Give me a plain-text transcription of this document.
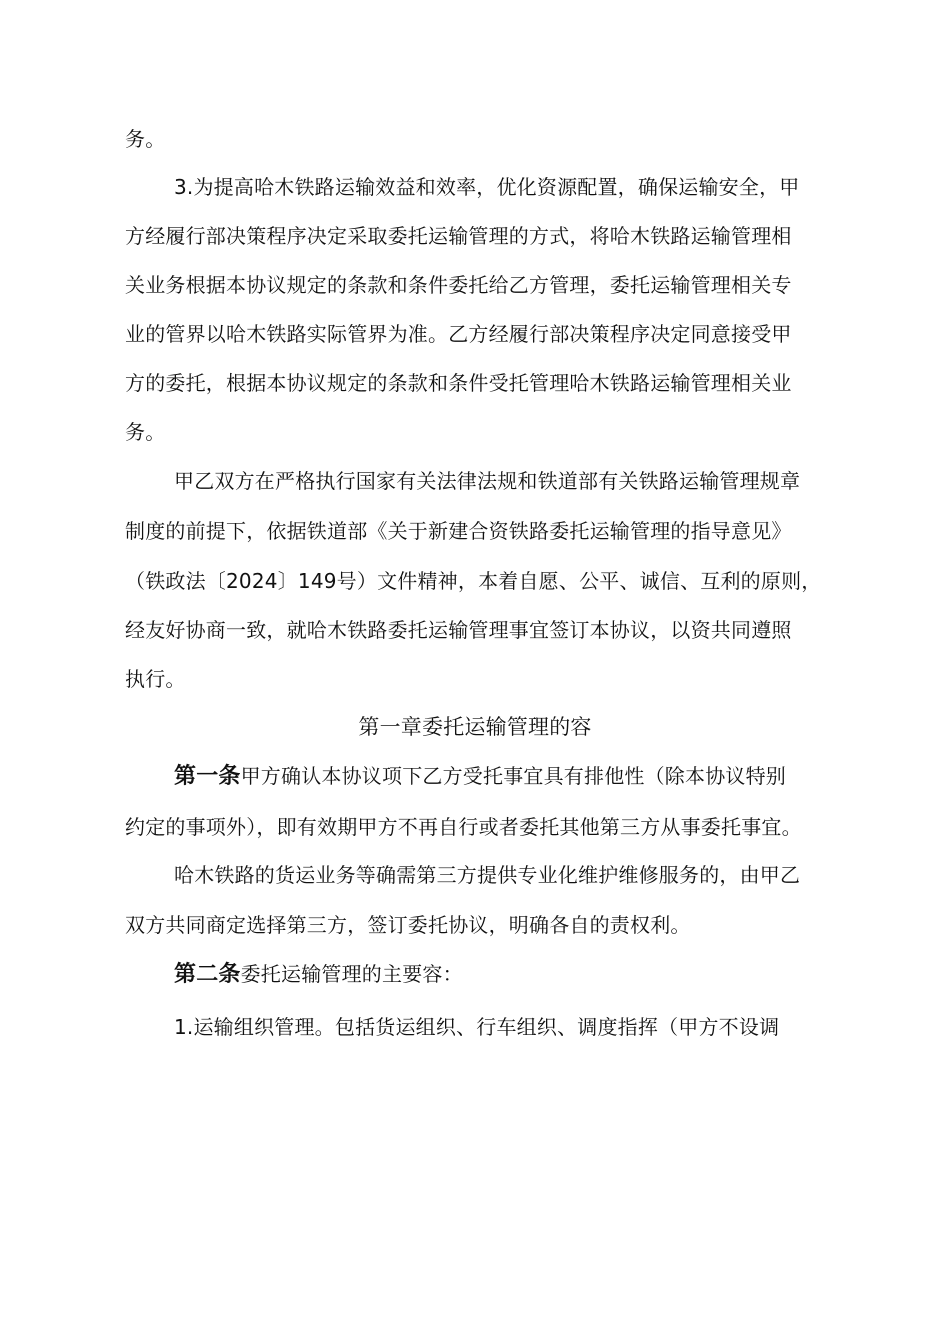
务。
3.为提高哈木铁路运输效益和效率，优化资源配置，确保运输安全，甲
方经履行部决策程序决定采取委托运输管理的方式，将哈木铁路运输管理相
关业务根据本协议规定的条款和条件委托给乙方管理，委托运输管理相关专
业的管界以哈木铁路实际管界为准。乙方经履行部决策程序决定同意接受甲
方的委托，根据本协议规定的条款和条件受托管理哈木铁路运输管理相关业
务。
甲乙双方在严格执行国家有关法律法规和铁道部有关铁路运输管理规章
制度的前提下，依据铁道部《关于新建合资铁路委托运输管理的指导意见》
（铁政法〔2024〕149号）文件精神，本着自愿、公平、诚信、互利的原则，
经友好协商一致，就哈木铁路委托运输管理事宜签订本协议，以资共同遵照
执行。
第一章委托运输管理的容
第一条甲方确认本协议项下乙方受托事宜具有排他性（除本协议特别
约定的事项外），即有效期甲方不再自行或者委托其他第三方从事委托事宜。
哈木铁路的货运业务等确需第三方提供专业化维护维修服务的，由甲乙
双方共同商定选择第三方，签订委托协议，明确各自的责权利。
第二条委托运输管理的主要容：
1.运输组织管理。包括货运组织、行车组织、调度指挥（甲方不设调
